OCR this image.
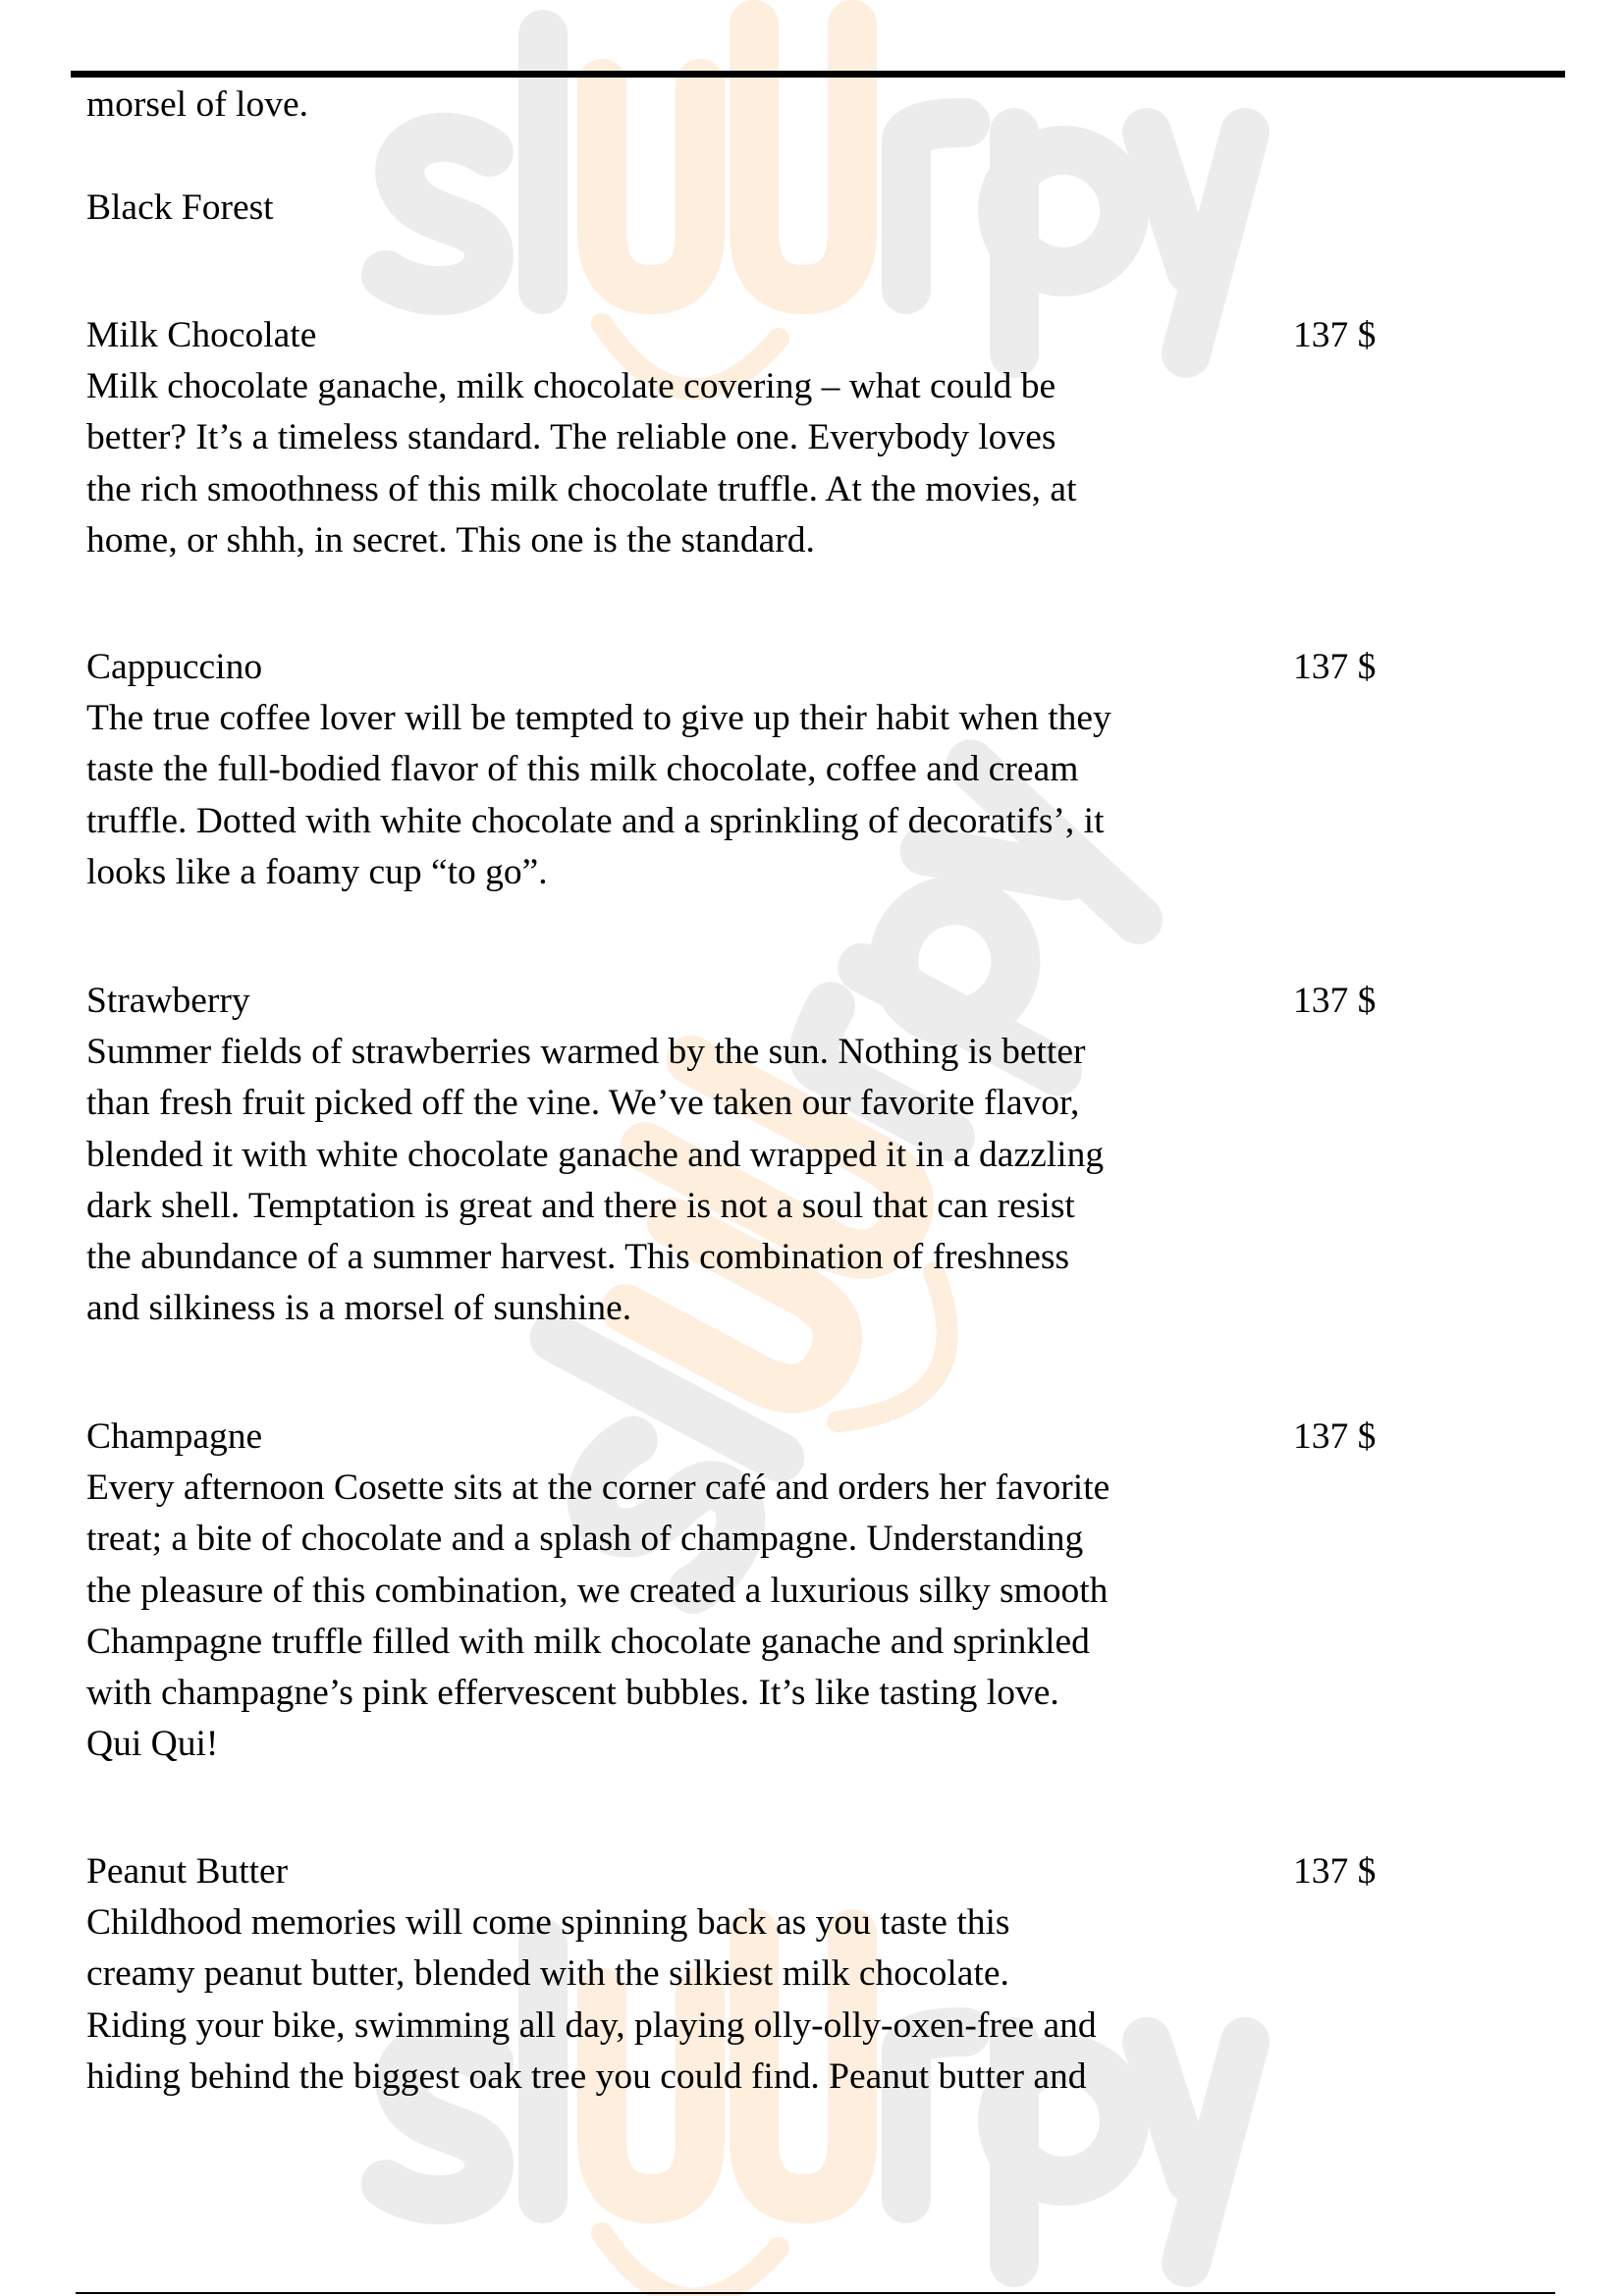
morsel of love.
Black Forest
Milk Chocolate
Milk chocolate ganache, milk chocolate covering – what could be
better? It’s a timeless standard. The reliable one. Everybody loves
the rich smoothness of this milk chocolate truffle. At the movies, at
home, or shhh, in secret. This one is the standard.
137 $
Cappuccino
The true coffee lover will be tempted to give up their habit when they
taste the full-bodied flavor of this milk chocolate, coffee and cream
truffle. Dotted with white chocolate and a sprinkling of decoratifs’, it
looks like a foamy cup “to go”.
137 $
Strawberry
Summer fields of strawberries warmed by the sun. Nothing is better
than fresh fruit picked off the vine. We’ve taken our favorite flavor,
blended it with white chocolate ganache and wrapped it in a dazzling
dark shell. Temptation is great and there is not a soul that can resist
the abundance of a summer harvest. This combination of freshness
and silkiness is a morsel of sunshine.
137 $
Champagne
Every afternoon Cosette sits at the corner café and orders her favorite
treat; a bite of chocolate and a splash of champagne. Understanding
the pleasure of this combination, we created a luxurious silky smooth
Champagne truffle filled with milk chocolate ganache and sprinkled
with champagne’s pink effervescent bubbles. It’s like tasting love.
Qui Qui!
137 $
Peanut Butter
Childhood memories will come spinning back as you taste this
creamy peanut butter, blended with the silkiest milk chocolate.
Riding your bike, swimming all day, playing olly-olly-oxen-free and
hiding behind the biggest oak tree you could find. Peanut butter and
137 $
